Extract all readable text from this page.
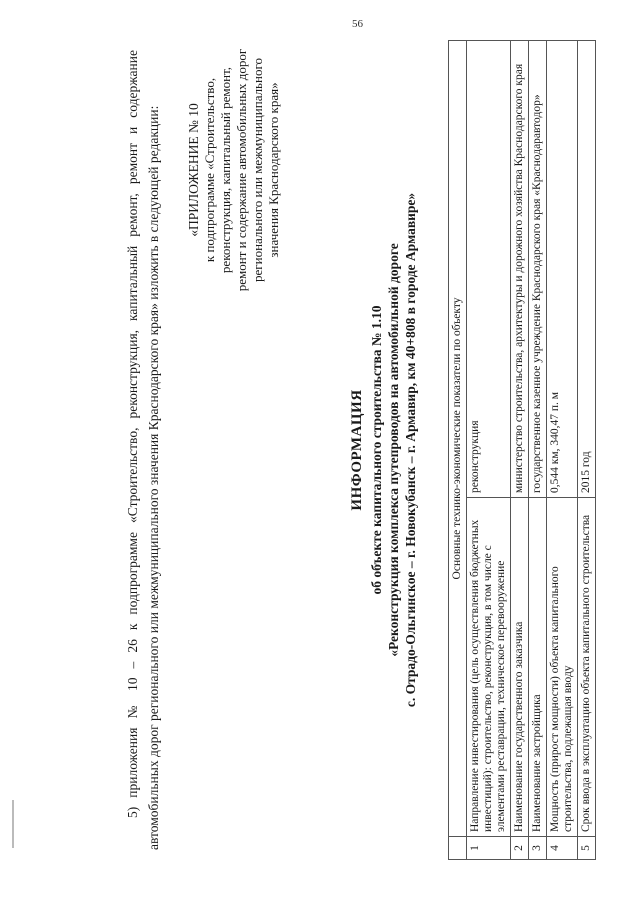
56

5) приложения № 10 – 26 к подпрограмме «Строительство, реконструкция, капитальный ремонт, ремонт и содержание автомобильных дорог регионального или межмуниципального значения Краснодарского края» изложить в следующей редакции: «ПРИЛОЖЕНИЕ № 10 к подпрограмме «Строительство, реконструкция, капитальный ремонт, ремонт и содержание автомобильных дорог регионального или межмуниципального значения Краснодарского края»
ИНФОРМАЦИЯ об объекте капитального строительства № 1.10 «Реконструкция комплекса путепроводов на автомобильной дороге с. Отрадо-Ольгинское – г. Новокубанск – г. Армавир, км 40+808 в городе Армавире»
		Основные технико-экономические показатели по объекту	
1	Направление инвестирования (цель осуществления бюджетных инвестиций): строительство, реконструкция, в том числе с элементами реставрации, техническое перевооружение	реконструкция
2	Наименование государственного заказчика	министерство строительства, архитектуры и дорожного хозяйства Краснодарского края
3	Наименование застройщика	государственное казенное учреждение Краснодарского края «Краснодаравтодор»
4	Мощность (прирост мощности) объекта капитального строительства, подлежащая вводу	0,544 км, 340,47 п. м
5	Срок ввода в эксплуатацию объекта капитального строительства	2015 год
